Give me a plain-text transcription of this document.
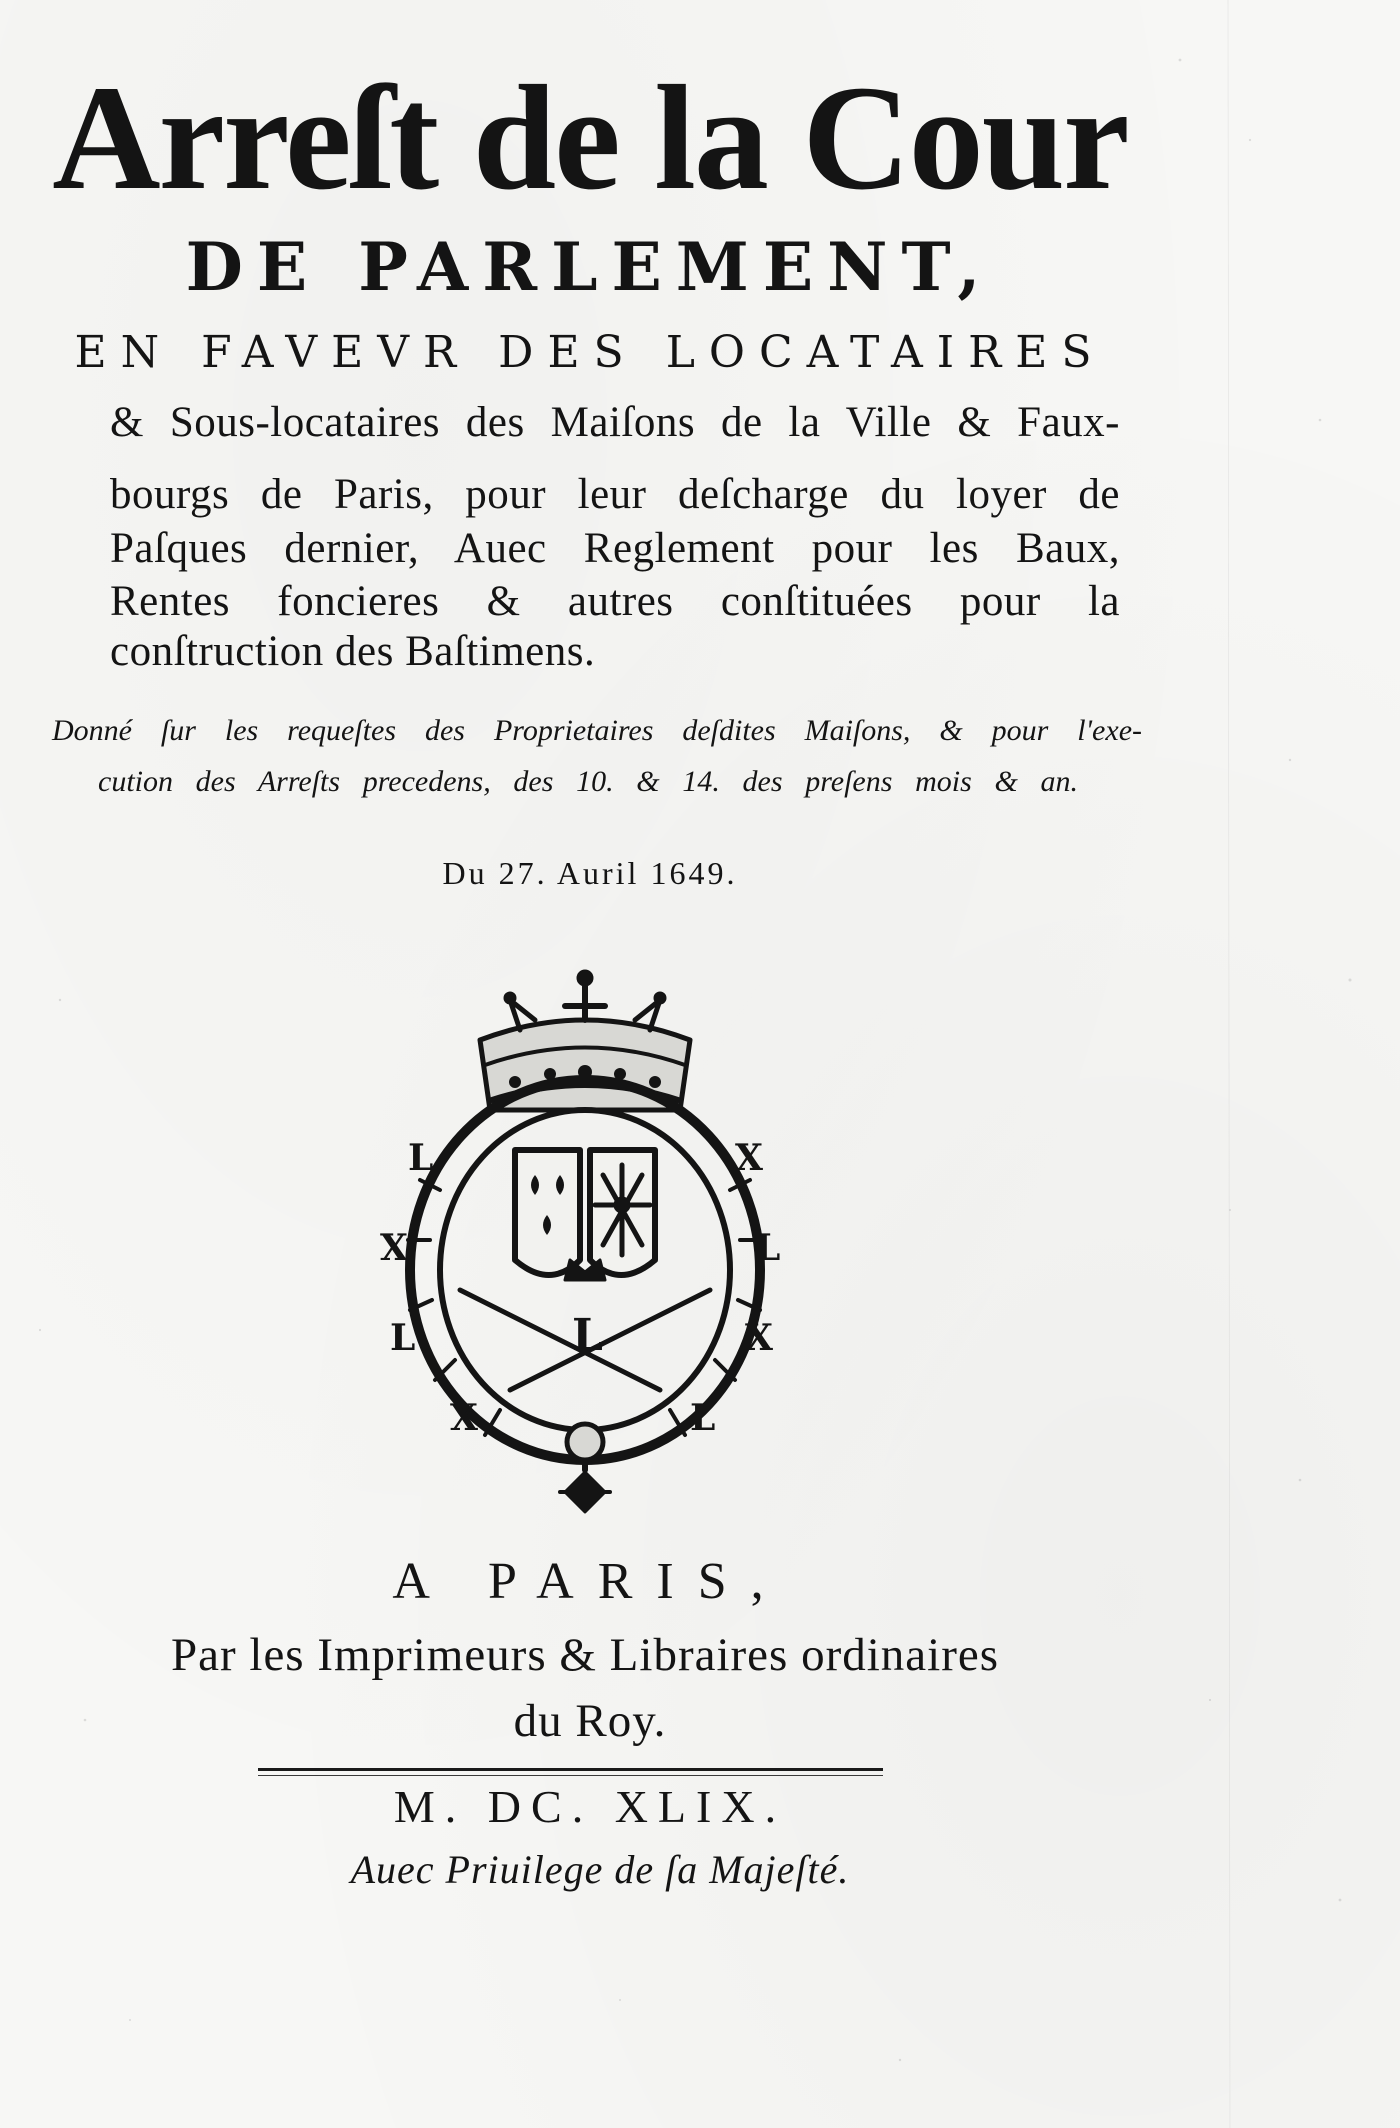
Arreſt de la Cour
DE PARLEMENT,
EN FAVEVR DES LOCATAIRES
& Sous-locataires des Maiſons de la Ville & Faux-
bourgs de Paris, pour leur deſcharge du loyer de
Paſques dernier, Auec Reglement pour les Baux,
Rentes foncieres & autres conſtituées pour la
conſtruction des Baſtimens.
Donné ſur les requeſtes des Proprietaires deſdites Maiſons, & pour l'exe-
cution des Arreſts precedens, des 10. & 14. des preſens mois & an.
Du 27. Auril 1649.
L
X
L
X	L
X
L
X
L
A PARIS,
Par les Imprimeurs & Libraires ordinaires
du Roy.
M. DC. XLIX.
Auec Priuilege de ſa Majeſté.
